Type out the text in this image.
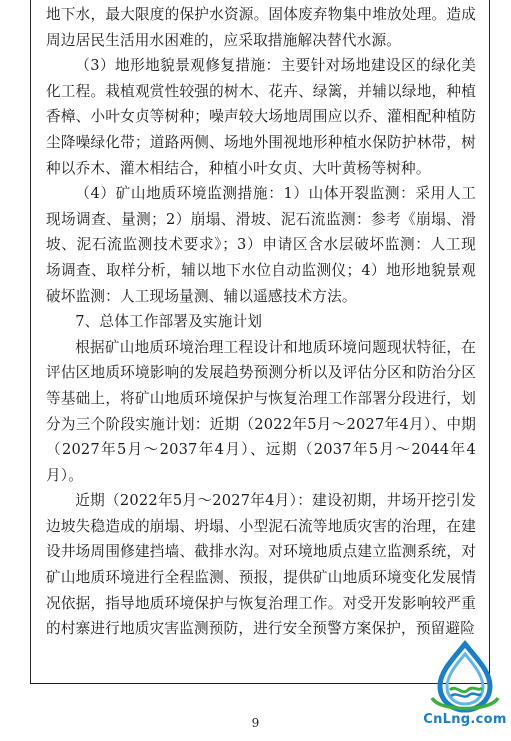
地下水，最大限度的保护水资源。固体废弃物集中堆放处理。造成周边居民生活用水困难的，应采取措施解决替代水源。

（3）地形地貌景观修复措施：主要针对场地建设区的绿化美化工程。栽植观赏性较强的树木、花卉、绿篱，并辅以绿地，种植香樟、小叶女贞等树种；噪声较大场地周围应以乔、灌相配种植防尘降噪绿化带；道路两侧、场地外围视地形种植水保防护林带，树种以乔木、灌木相结合，种植小叶女贞、大叶黄杨等树种。

（4）矿山地质环境监测措施：1）山体开裂监测：采用人工现场调查、量测；2）崩塌、滑坡、泥石流监测：参考《崩塌、滑坡、泥石流监测技术要求》；3）申请区含水层破坏监测：人工现场调查、取样分析，辅以地下水位自动监测仪；4）地形地貌景观破坏监测：人工现场量测、辅以遥感技术方法。

7、总体工作部署及实施计划

根据矿山地质环境治理工程设计和地质环境问题现状特征，在评估区地质环境影响的发展趋势预测分析以及评估分区和防治分区等基础上，将矿山地质环境保护与恢复治理工作部署分段进行，划分为三个阶段实施计划：近期（2022年5月～2027年4月）、中期（2027年5月～2037年4月）、远期（2037年5月～2044年4月）。

近期（2022年5月～2027年4月）：建设初期，井场开挖引发边坡失稳造成的崩塌、坍塌、小型泥石流等地质灾害的治理，在建设井场周围修建挡墙、截排水沟。对环境地质点建立监测系统，对矿山地质环境进行全程监测、预报，提供矿山地质环境变化发展情况依据，指导地质环境保护与恢复治理工作。对受开发影响较严重的村寨进行地质灾害监测预防，进行安全预警方案保护，预留避险

9	CnLng.com
